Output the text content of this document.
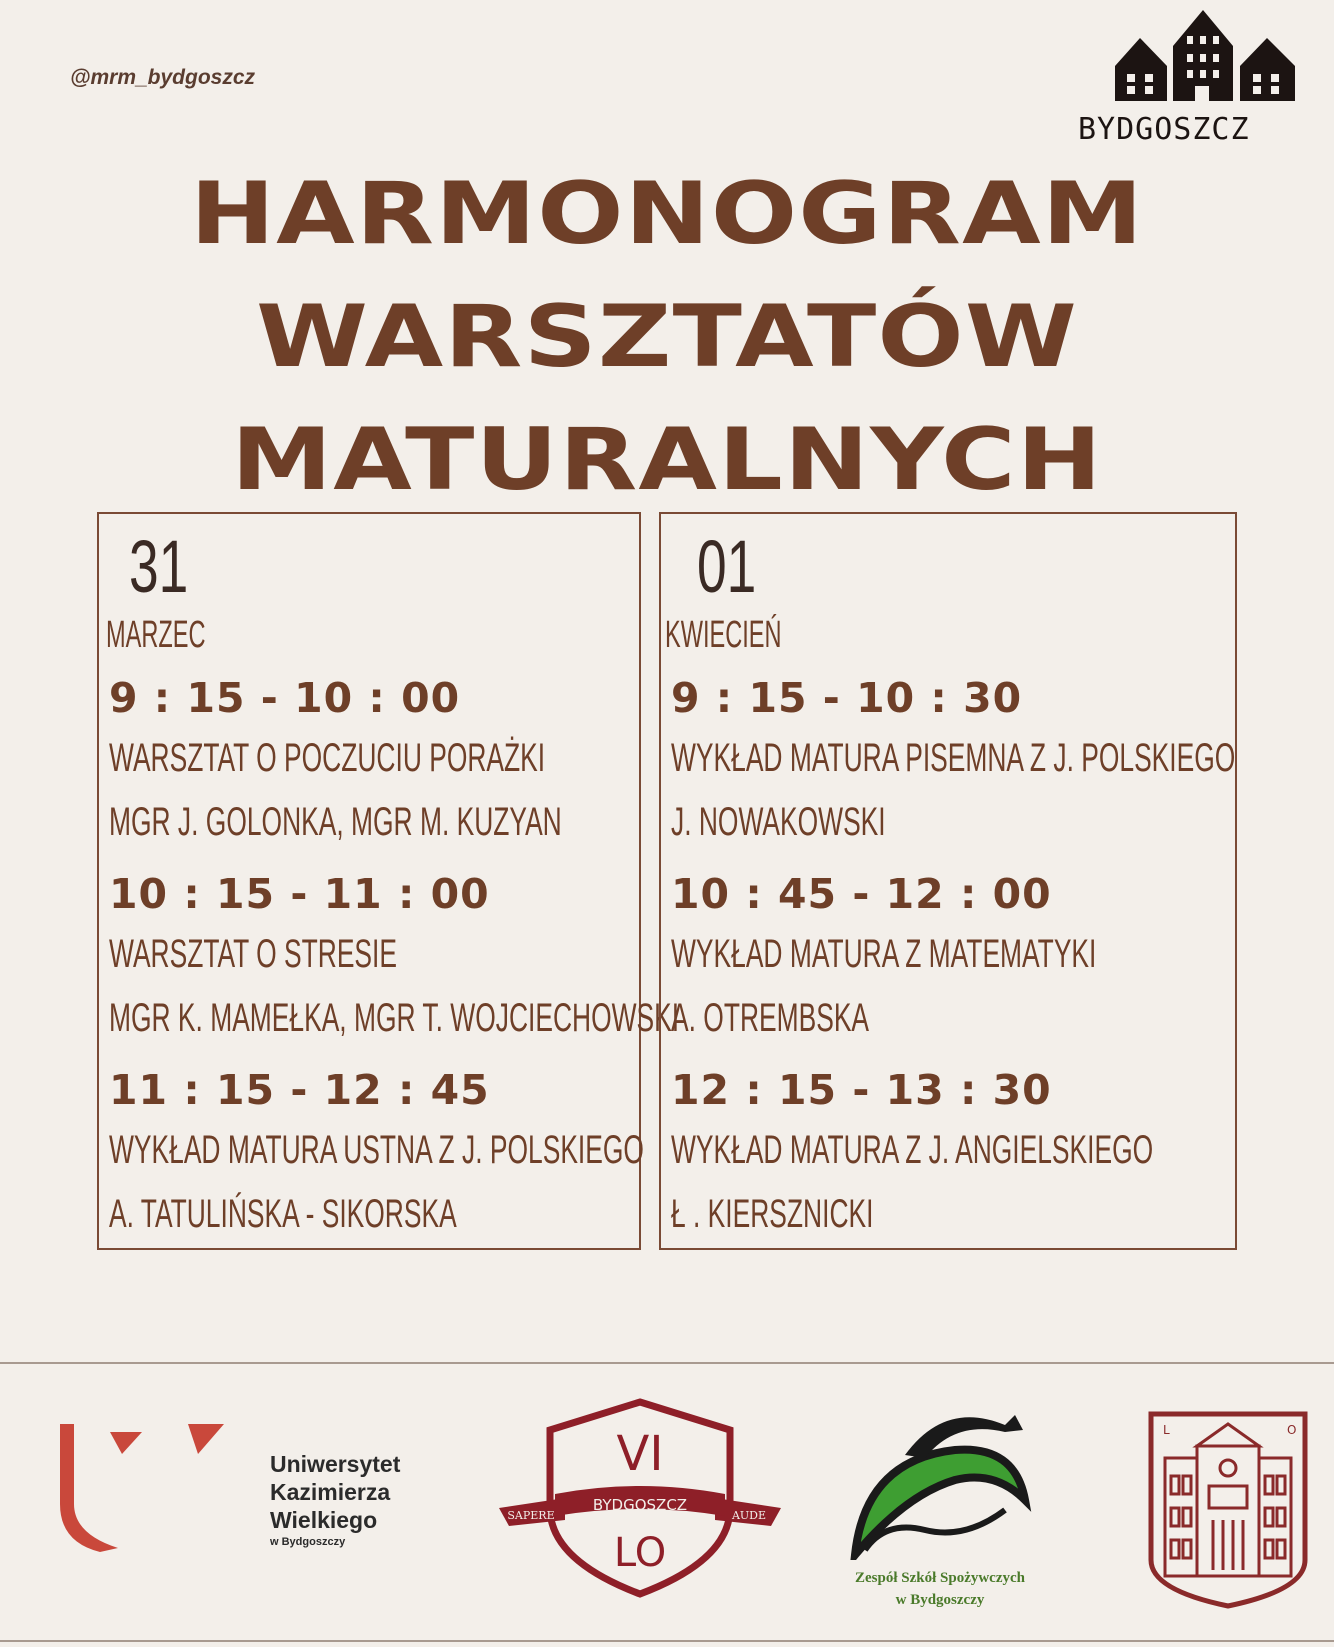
@mrm_bydgoszcz
BYDGOSZCZ
HARMONOGRAM
WARSZTATÓW
MATURALNYCH
31
MARZEC
9 : 15 - 10 : 00
WARSZTAT O POCZUCIU PORAŻKI
MGR J. GOLONKA, MGR M. KUZYAN
10 : 15 - 11 : 00
WARSZTAT O STRESIE
MGR K. MAMEŁKA, MGR T. WOJCIECHOWSKI
11 : 15 - 12 : 45
WYKŁAD MATURA USTNA Z J. POLSKIEGO
A. TATULIŃSKA - SIKORSKA
01
KWIECIEŃ
9 : 15 - 10 : 30
WYKŁAD MATURA PISEMNA Z J. POLSKIEGO
J. NOWAKOWSKI
10 : 45 - 12 : 00
WYKŁAD MATURA Z MATEMATYKI
A. OTREMBSKA
12 : 15 - 13 : 30
WYKŁAD MATURA Z J. ANGIELSKIEGO
Ł . KIERSZNICKI
Uniwersytet
Kazimierza
Wielkiego
w Bydgoszczy
VI
BYDGOSZCZ
SAPERE	AUDE
LO
Zespół Szkół Spożywczych
w Bydgoszczy
L	O
